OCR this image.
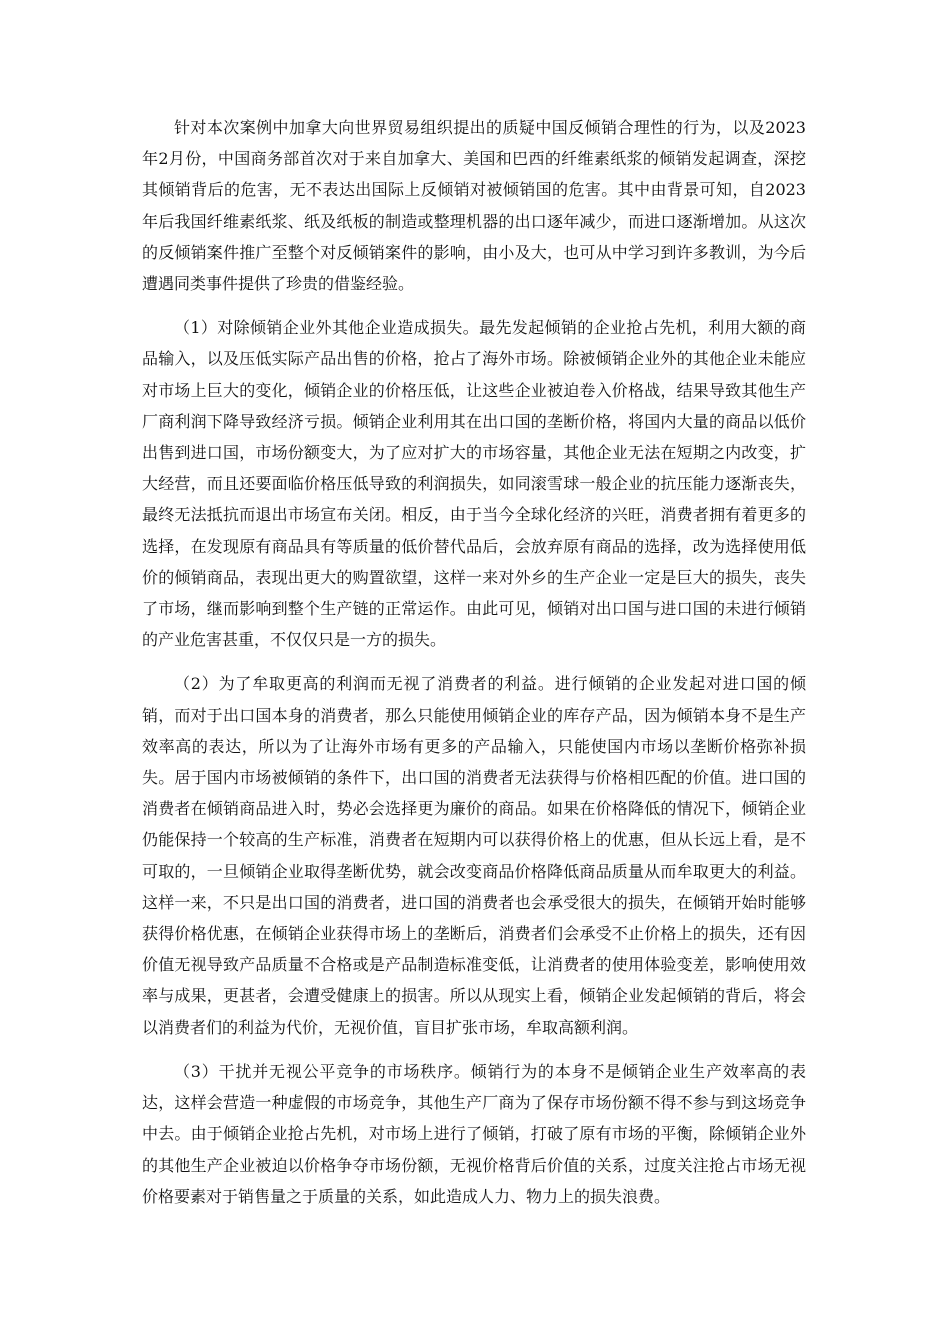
针对本次案例中加拿大向世界贸易组织提出的质疑中国反倾销合理性的行为，以及2023年2月份，中国商务部首次对于来自加拿大、美国和巴西的纤维素纸浆的倾销发起调查，深挖其倾销背后的危害，无不表达出国际上反倾销对被倾销国的危害。其中由背景可知，自2023年后我国纤维素纸浆、纸及纸板的制造或整理机器的出口逐年减少，而进口逐渐增加。从这次的反倾销案件推广至整个对反倾销案件的影响，由小及大，也可从中学习到许多教训，为今后遭遇同类事件提供了珍贵的借鉴经验。

（1）对除倾销企业外其他企业造成损失。最先发起倾销的企业抢占先机，利用大额的商品输入，以及压低实际产品出售的价格，抢占了海外市场。除被倾销企业外的其他企业未能应对市场上巨大的变化，倾销企业的价格压低，让这些企业被迫卷入价格战，结果导致其他生产厂商利润下降导致经济亏损。倾销企业利用其在出口国的垄断价格，将国内大量的商品以低价出售到进口国，市场份额变大，为了应对扩大的市场容量，其他企业无法在短期之内改变，扩大经营，而且还要面临价格压低导致的利润损失，如同滚雪球一般企业的抗压能力逐渐丧失，最终无法抵抗而退出市场宣布关闭。相反，由于当今全球化经济的兴旺，消费者拥有着更多的选择，在发现原有商品具有等质量的低价替代品后，会放弃原有商品的选择，改为选择使用低价的倾销商品，表现出更大的购置欲望，这样一来对外乡的生产企业一定是巨大的损失，丧失了市场，继而影响到整个生产链的正常运作。由此可见，倾销对出口国与进口国的未进行倾销的产业危害甚重，不仅仅只是一方的损失。

（2）为了牟取更高的利润而无视了消费者的利益。进行倾销的企业发起对进口国的倾销，而对于出口国本身的消费者，那么只能使用倾销企业的库存产品，因为倾销本身不是生产效率高的表达，所以为了让海外市场有更多的产品输入，只能使国内市场以垄断价格弥补损失。居于国内市场被倾销的条件下，出口国的消费者无法获得与价格相匹配的价值。进口国的消费者在倾销商品进入时，势必会选择更为廉价的商品。如果在价格降低的情况下，倾销企业仍能保持一个较高的生产标准，消费者在短期内可以获得价格上的优惠，但从长远上看，是不可取的，一旦倾销企业取得垄断优势，就会改变商品价格降低商品质量从而牟取更大的利益。这样一来，不只是出口国的消费者，进口国的消费者也会承受很大的损失，在倾销开始时能够获得价格优惠，在倾销企业获得市场上的垄断后，消费者们会承受不止价格上的损失，还有因价值无视导致产品质量不合格或是产品制造标准变低，让消费者的使用体验变差，影响使用效率与成果，更甚者，会遭受健康上的损害。所以从现实上看，倾销企业发起倾销的背后，将会以消费者们的利益为代价，无视价值，盲目扩张市场，牟取高额利润。

（3）干扰并无视公平竞争的市场秩序。倾销行为的本身不是倾销企业生产效率高的表达，这样会营造一种虚假的市场竞争，其他生产厂商为了保存市场份额不得不参与到这场竞争中去。由于倾销企业抢占先机，对市场上进行了倾销，打破了原有市场的平衡，除倾销企业外的其他生产企业被迫以价格争夺市场份额，无视价格背后价值的关系，过度关注抢占市场无视价格要素对于销售量之于质量的关系，如此造成人力、物力上的损失浪费。
